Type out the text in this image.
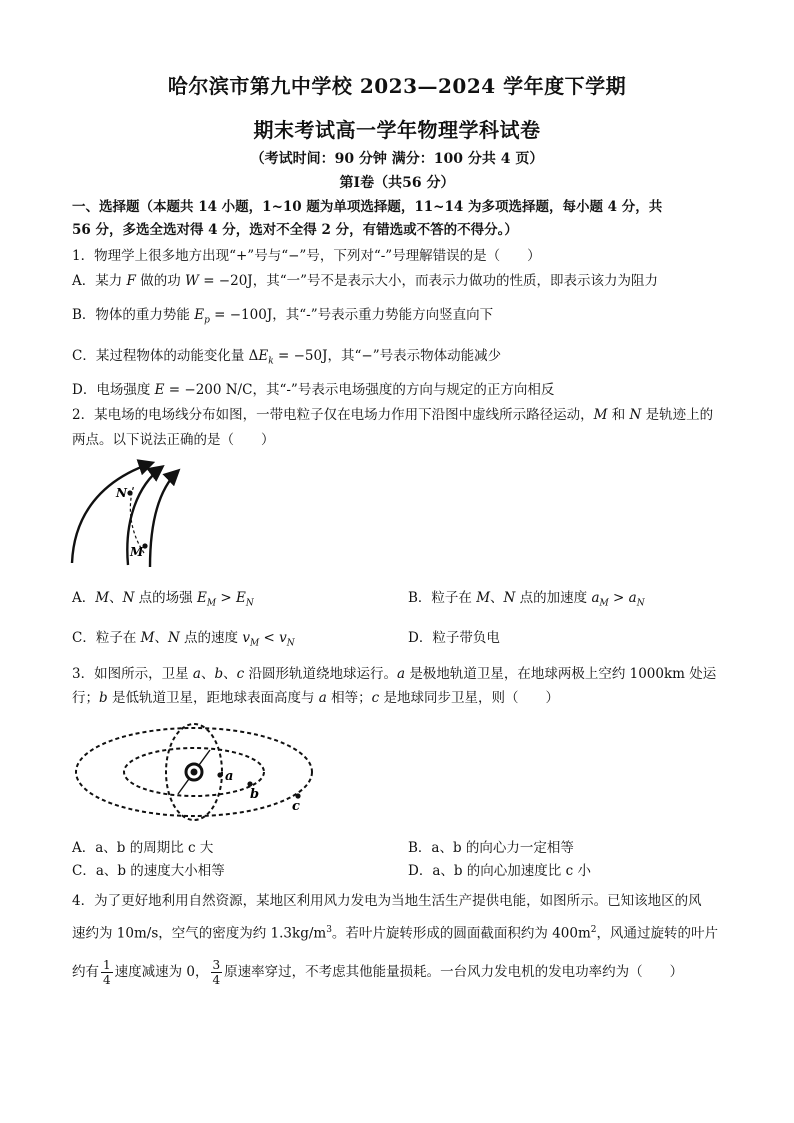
哈尔滨市第九中学校 2023—2024 学年度下学期
期末考试高一学年物理学科试卷
（考试时间：90 分钟 满分：100 分共 4 页）
第Ⅰ卷（共56 分）
一、选择题（本题共 14 小题，1~10 题为单项选择题，11~14 为多项选择题，每小题 4 分，共
56 分，多选全选对得 4 分，选对不全得 2 分，有错选或不答的不得分。）
1．物理学上很多地方出现“+”号与“−”号，下列对“-”号理解错误的是（　　）
A．某力 F 做的功 W = −20J，其“一”号不是表示大小，而表示力做功的性质，即表示该力为阻力
B．物体的重力势能 $E_p = -100J$，其“-”号表示重力势能方向竖直向下
C．某过程物体的动能变化量 $\Delta E_k = -50J$，其“−”号表示物体动能减少
D．电场强度 E = −200 N/C，其“-”号表示电场强度的方向与规定的正方向相反
2．某电场的电场线分布如图，一带电粒子仅在电场力作用下沿图中虚线所示路径运动，M 和 N 是轨迹上的
两点。以下说法正确的是（　　）
N
M
A．M、N 点的场强 $E_M > E_N$	B．粒子在 M、N 点的加速度 $a_M > a_N$
C．粒子在 M、N 点的速度 $v_M < v_N$	D．粒子带负电
3．如图所示，卫星 a、b、c 沿圆形轨道绕地球运行。a 是极地轨道卫星，在地球两极上空约 1000km 处运
行；b 是低轨道卫星，距地球表面高度与 a 相等；c 是地球同步卫星，则（　　）
a
b
c
A．a、b 的周期比 c 大	B．a、b 的向心力一定相等
C．a、b 的速度大小相等	D．a、b 的向心加速度比 c 小
4．为了更好地利用自然资源，某地区利用风力发电为当地生活生产提供电能，如图所示。已知该地区的风
速约为 10m/s，空气的密度为约 $1.3kg/m^3$。若叶片旋转形成的圆面截面积约为 $400m^2$，风通过旋转的叶片
约有 $\frac{1}{4}$ 速度减速为 0， $\frac{3}{4}$ 原速率穿过，不考虑其他能量损耗。一台风力发电机的发电功率约为（　　）
